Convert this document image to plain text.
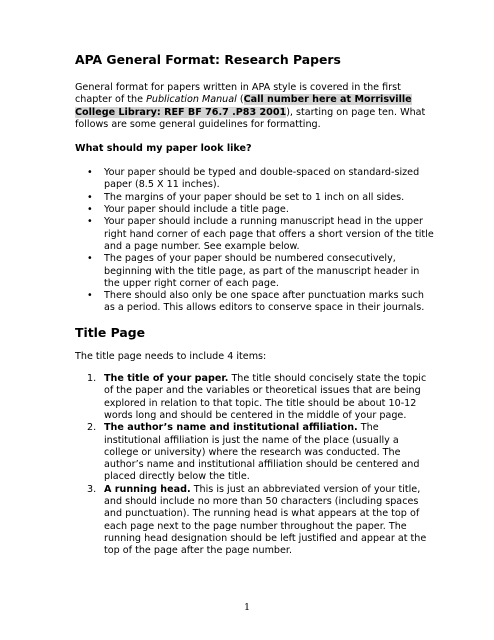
APA General Format: Research Papers

General format for papers written in APA style is covered in the first chapter of the Publication Manual (Call number here at Morrisville College Library: REF BF 76.7 .P83 2001), starting on page ten. What follows are some general guidelines for formatting.

What should my paper look like?
• Your paper should be typed and double-spaced on standard-sized paper (8.5 X 11 inches).
• The margins of your paper should be set to 1 inch on all sides.
• Your paper should include a title page.
• Your paper should include a running manuscript head in the upper right hand corner of each page that offers a short version of the title and a page number. See example below.
• The pages of your paper should be numbered consecutively, beginning with the title page, as part of the manuscript header in the upper right corner of each page.
• There should also only be one space after punctuation marks such as a period. This allows editors to conserve space in their journals.
Title Page

The title page needs to include 4 items:

1. The title of your paper. The title should concisely state the topic of the paper and the variables or theoretical issues that are being explored in relation to that topic. The title should be about 10-12 words long and should be centered in the middle of your page.
2. The author’s name and institutional affiliation. The institutional affiliation is just the name of the place (usually a college or university) where the research was conducted. The author’s name and institutional affiliation should be centered and placed directly below the title.
3. A running head. This is just an abbreviated version of your title, and should include no more than 50 characters (including spaces and punctuation). The running head is what appears at the top of each page next to the page number throughout the paper. The running head designation should be left justified and appear at the top of the page after the page number.
1
